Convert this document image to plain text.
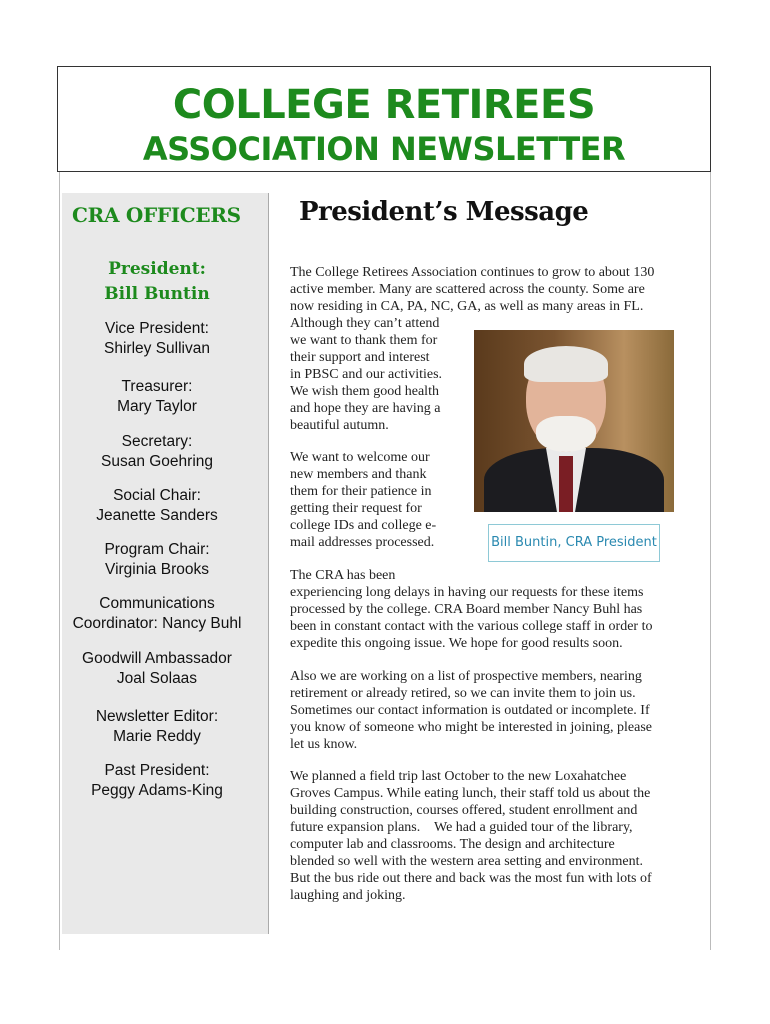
COLLEGE RETIREES
ASSOCIATION NEWSLETTER
CRA OFFICERS
President:
Bill Buntin
Vice President:
Shirley Sullivan
Treasurer:
Mary Taylor
Secretary:
Susan Goehring
Social Chair:
Jeanette Sanders
Program Chair:
Virginia Brooks
Communications
Coordinator: Nancy Buhl
Goodwill Ambassador
Joal Solaas
Newsletter Editor:
Marie Reddy
Past President:
Peggy Adams-King
President’s Message
The College Retirees Association continues to grow to about 130
active member. Many are scattered across the county. Some are
now residing in CA, PA, NC, GA, as well as many areas in FL.
Although they can’t attend
we want to thank them for
their support and interest
in PBSC and our activities.
We wish them good health
and hope they are having a
beautiful autumn.
We want to welcome our
new members and thank
them for their patience in
getting their request for
college IDs and college e-
mail addresses processed.
The CRA has been
experiencing long delays in having our requests for these items
processed by the college. CRA Board member Nancy Buhl has
been in constant contact with the various college staff in order to
expedite this ongoing issue. We hope for good results soon.
Also we are working on a list of prospective members, nearing
retirement or already retired, so we can invite them to join us.
Sometimes our contact information is outdated or incomplete. If
you know of someone who might be interested in joining, please
let us know.
We planned a field trip last October to the new Loxahatchee
Groves Campus. While eating lunch, their staff told us about the
building construction, courses offered, student enrollment and
future expansion plans.    We had a guided tour of the library,
computer lab and classrooms. The design and architecture
blended so well with the western area setting and environment.
But the bus ride out there and back was the most fun with lots of
laughing and joking.
Bill Buntin, CRA President
